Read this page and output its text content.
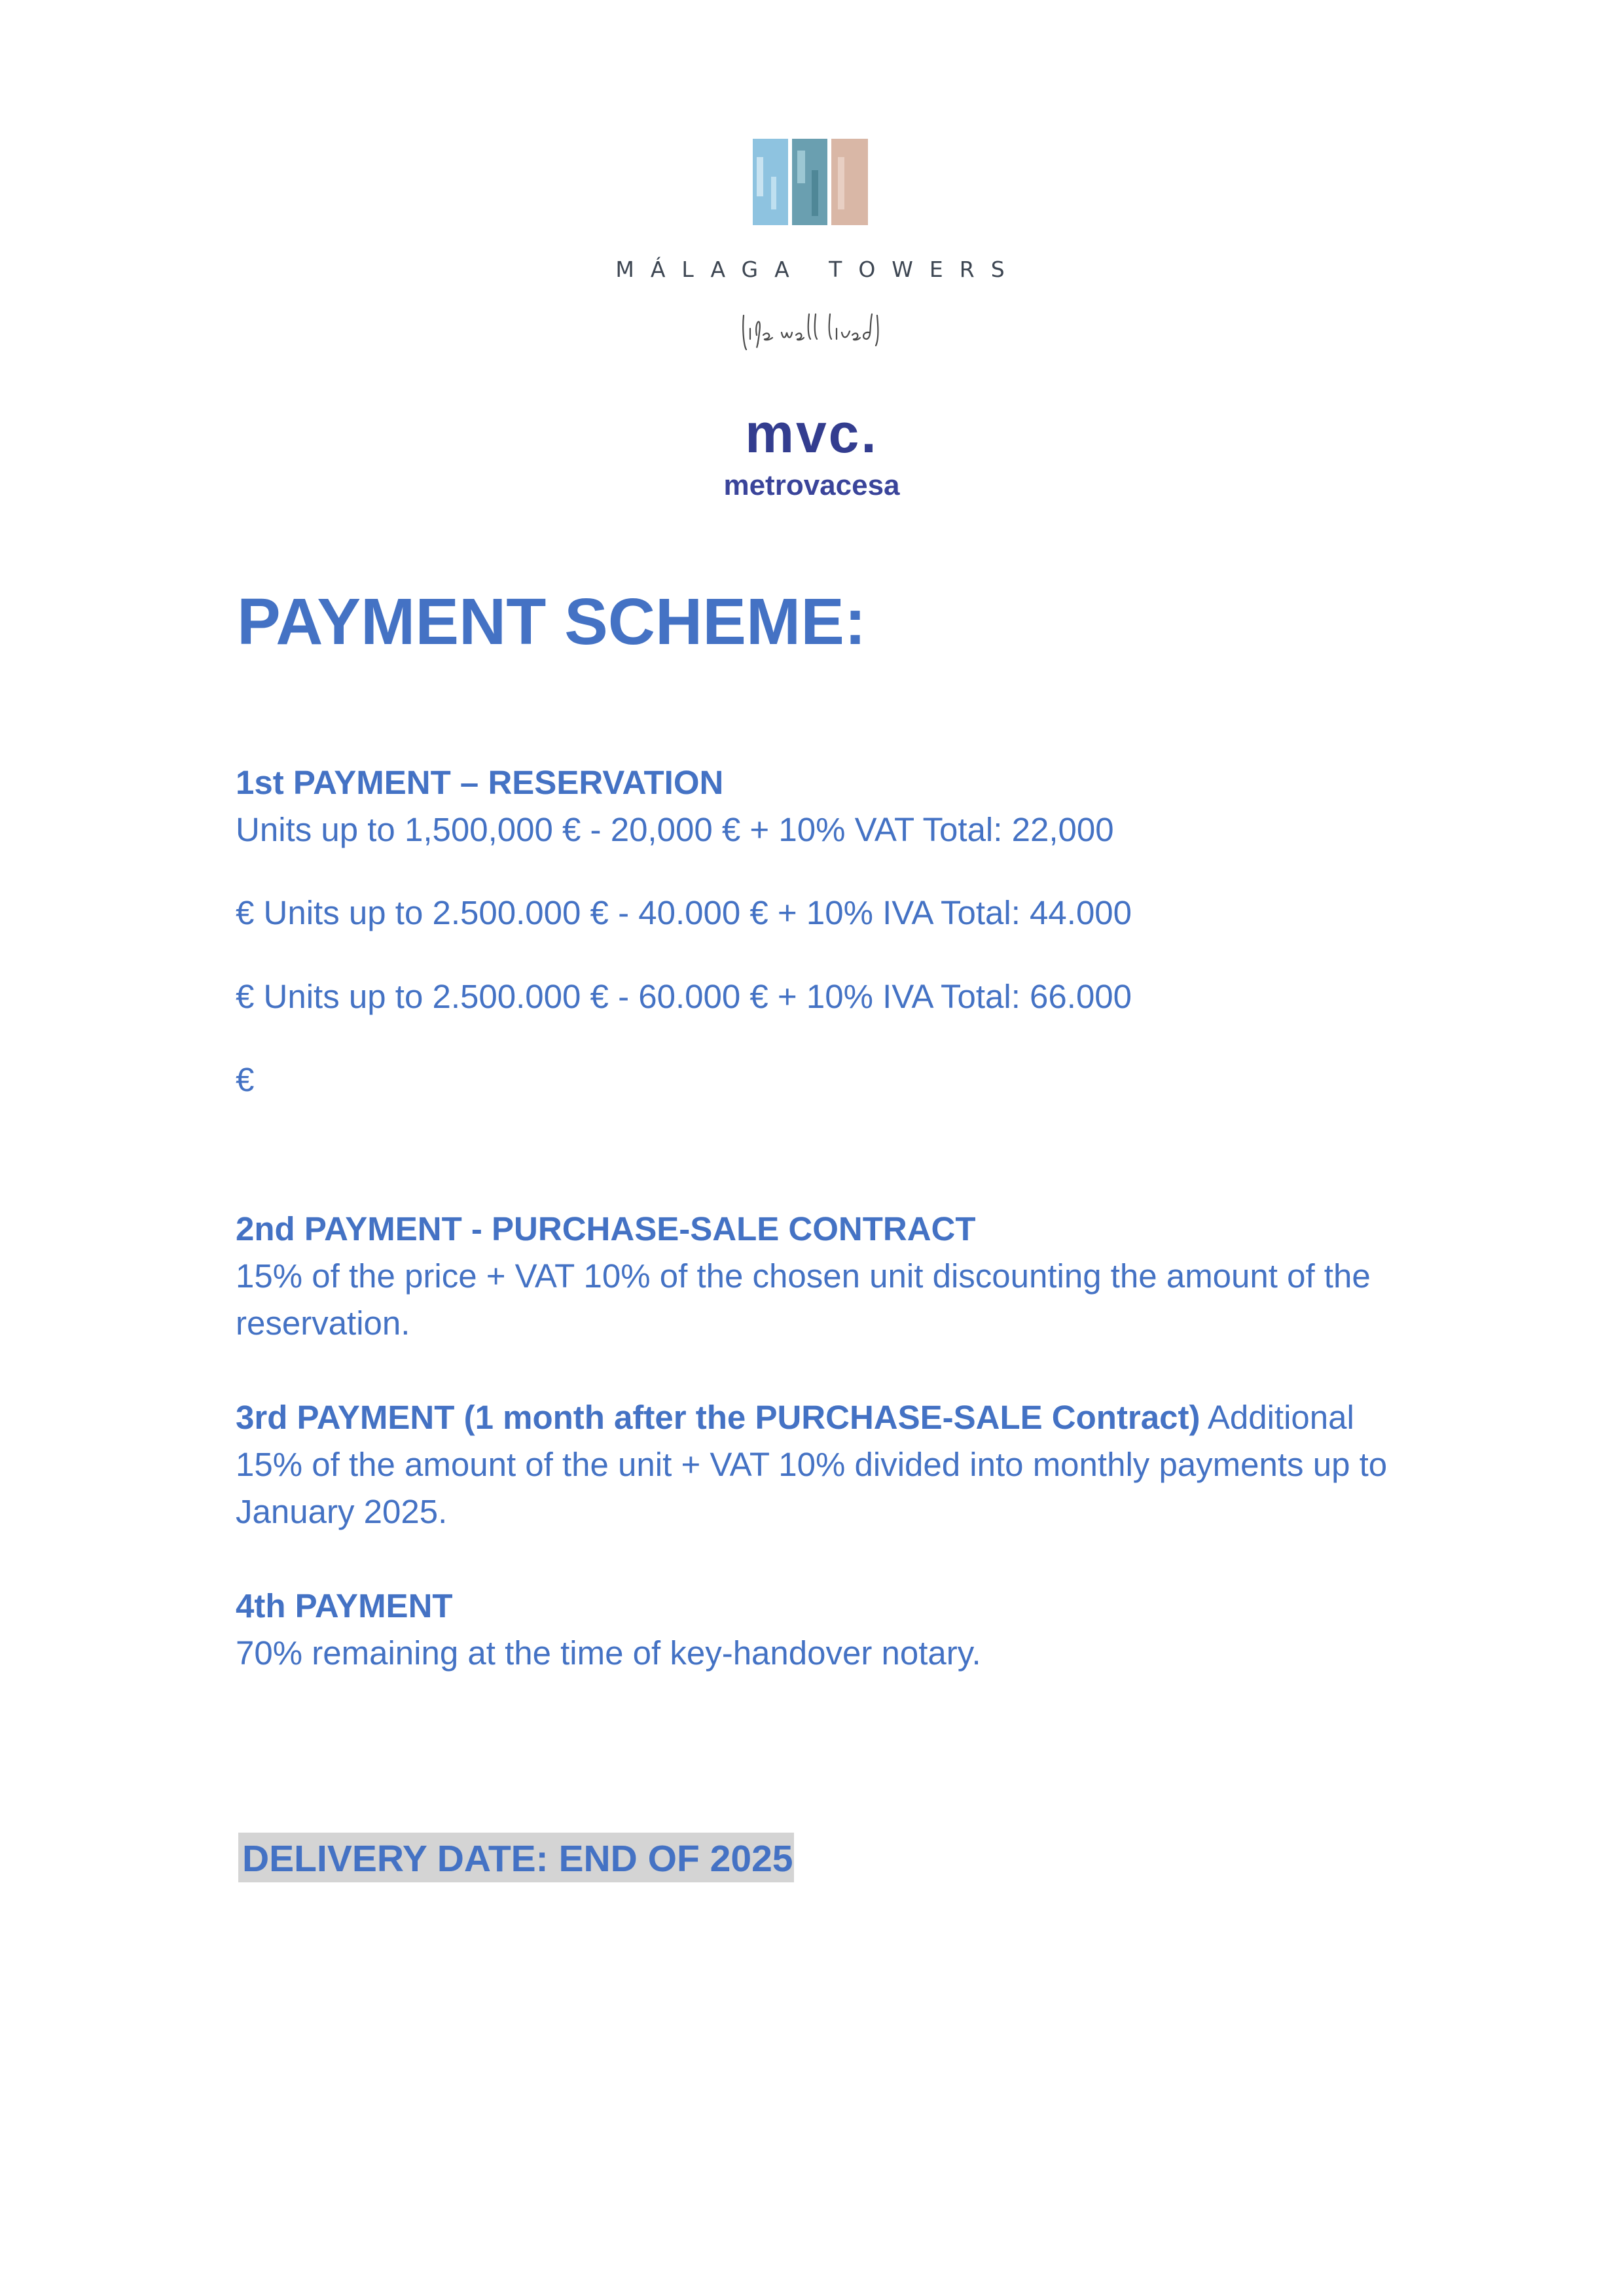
MÁLAGA TOWERS
mvc.
metrovacesa
PAYMENT SCHEME:
1st PAYMENT – RESERVATION
Units up to 1,500,000 € - 20,000 € + 10% VAT Total: 22,000
€ Units up to 2.500.000 € - 40.000 € + 10% IVA Total: 44.000
€ Units up to 2.500.000 € - 60.000 € + 10% IVA Total: 66.000
€
2nd PAYMENT - PURCHASE-SALE CONTRACT
15% of the price + VAT 10% of the chosen unit discounting the amount of the reservation.
3rd PAYMENT (1 month after the PURCHASE-SALE Contract) Additional 15% of the amount of the unit + VAT 10% divided into monthly payments up to January 2025.
4th PAYMENT
70% remaining at the time of key-handover notary.
DELIVERY DATE: END OF 2025
